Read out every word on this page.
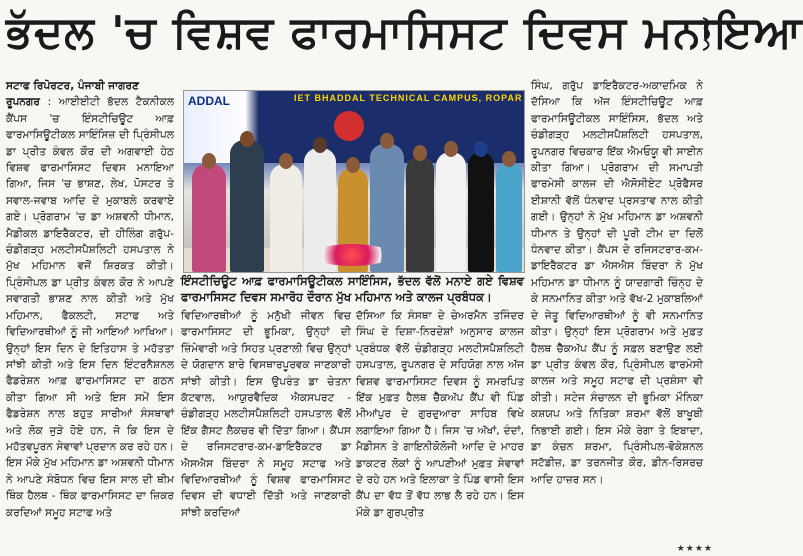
ਭੱਦਲ 'ਚ ਵਿਸ਼ਵ ਫਾਰਮਾਸਿਸਟ ਦਿਵਸ ਮਨਾਇਆ

ਸਟਾਫ ਰਿਪੋਰਟਰ, ਪੰਜਾਬੀ ਜਾਗਰਣ
ਰੂਪਨਗਰ : ਆਈਈਟੀ ਭੱਦਲ ਟੈਕਨੀਕਲ ਕੈਂਪਸ 'ਚ ਇੰਸਟੀਚਿਊਟ ਆਫ਼ ਫਾਰਮਾਸਿਊਟੀਕਲ ਸਾਇੰਸਿਜ਼ ਦੀ ਪ੍ਰਿੰਸੀਪਲ ਡਾ ਪ੍ਰੀਤ ਕੰਵਲ ਕੌਰ ਦੀ ਅਗਵਾਈ ਹੇਠ ਵਿਸ਼ਵ ਫਾਰਮਾਸਿਸਟ ਦਿਵਸ ਮਨਾਇਆ ਗਿਆ, ਜਿਸ 'ਚ ਭਾਸ਼ਣ, ਲੇਖ, ਪੋਸਟਰ ਤੇ ਸਵਾਲ-ਜਵਾਬ ਆਦਿ ਦੇ ਮੁਕਾਬਲੇ ਕਰਵਾਏ ਗਏ। ਪ੍ਰੋਗਰਾਮ 'ਚ ਡਾ ਅਸ਼ਵਨੀ ਧੀਮਾਨ, ਮੈਡੀਕਲ ਡਾਇਰੈਕਟਰ, ਦੀ ਹੀਲਿੰਗ ਗਰੁੱਪ-ਚੰਡੀਗੜ੍ਹ ਮਲਟੀਸਪੈਸ਼ਲਿਟੀ ਹਸਪਤਾਲ ਨੇ ਮੁੱਖ ਮਹਿਮਾਨ ਵਜੋਂ ਸ਼ਿਰਕਤ ਕੀਤੀ। ਪ੍ਰਿੰਸੀਪਲ ਡਾ ਪ੍ਰੀਤ ਕੰਵਲ ਕੌਰ ਨੇ ਆਪਣੇ ਸਵਾਗਤੀ ਭਾਸ਼ਣ ਨਾਲ ਕੀਤੀ ਅਤੇ ਮੁੱਖ ਮਹਿਮਾਨ, ਫੈਕਲਟੀ, ਸਟਾਫ ਅਤੇ ਵਿਦਿਆਰਥੀਆਂ ਨੂੰ ਜੀ ਆਇਆਂ ਆਖਿਆ। ਉਨ੍ਹਾਂ ਇਸ ਦਿਨ ਦੇ ਇਤਿਹਾਸ ਤੇ ਮਹੱਤਤਾ ਸਾਂਝੀ ਕੀਤੀ ਅਤੇ ਇਸ ਦਿਨ ਇੰਟਰਨੈਸ਼ਨਲ ਫੈਡਰੇਸ਼ਨ ਆਫ਼ ਫਾਰਮਾਸਿਸਟ ਦਾ ਗਠਨ ਕੀਤਾ ਗਿਆ ਸੀ ਅਤੇ ਇਸ ਸਮੇਂ ਇਸ ਫੈਡਰੇਸ਼ਨ ਨਾਲ ਬਹੁਤ ਸਾਰੀਆਂ ਸੰਸਥਾਵਾਂ ਅਤੇ ਲੋਕ ਜੁੜੇ ਹੋਏ ਹਨ, ਜੋ ਕਿ ਇਸ ਦੇ ਮਹੱਤਵਪੂਰਨ ਸੇਵਾਵਾਂ ਪ੍ਰਦਾਨ ਕਰ ਰਹੇ ਹਨ। ਇਸ ਮੌਕੇ ਮੁੱਖ ਮਹਿਮਾਨ ਡਾ ਅਸ਼ਵਨੀ ਧੀਮਾਨ ਨੇ ਆਪਣੇ ਸੰਬੋਧਨ ਵਿਚ ਇਸ ਸਾਲ ਦੀ ਥੀਮ ਥਿੰਕ ਹੈਲਥ - ਥਿੰਕ ਫਾਰਮਾਸਿਸਟ ਦਾ ਜ਼ਿਕਰ ਕਰਦਿਆਂ ਸਮੂਹ ਸਟਾਫ ਅਤੇ

ADDAL	IET BHADDAL TECHNICAL CAMPUS, ROPAR
ਇੰਸਟੀਚਿਊਟ ਆਫ਼ ਫਾਰਮਾਸਿਊਟੀਕਲ ਸਾਇੰਸਿਸ, ਭੱਦਲ ਵੱਲੋਂ ਮਨਾਏ ਗਏ ਵਿਸ਼ਵ ਫਾਰਮਾਸਿਸਟ ਦਿਵਸ ਸਮਾਰੋਹ ਦੌਰਾਨ ਮੁੱਖ ਮਹਿਮਾਨ ਅਤੇ ਕਾਲਜ ਪ੍ਰਬੰਧਕ।

ਵਿਦਿਆਰਥੀਆਂ ਨੂੰ ਮਨੁੱਖੀ ਜੀਵਨ ਵਿਚ ਫਾਰਮਾਸਿਸਟ ਦੀ ਭੂਮਿਕਾ, ਉਨ੍ਹਾਂ ਦੀ ਜ਼ਿੰਮੇਵਾਰੀ ਅਤੇ ਸਿਹਤ ਪ੍ਰਣਾਲੀ ਵਿਚ ਉਨ੍ਹਾਂ ਦੇ ਯੋਗਦਾਨ ਬਾਰੇ ਵਿਸਥਾਰਪੂਰਵਕ ਜਾਣਕਾਰੀ ਸਾਂਝੀ ਕੀਤੀ। ਇਸ ਉਪਰੰਤ ਡਾ ਚੇਤਨਾ ਕੱਟਵਾਲ, ਆਯੁਰਵੈਦਿਕ ਐਕਸਪਰਟ - ਚੰਡੀਗੜ੍ਹ ਮਲਟੀਸਪੈਸ਼ਲਿਟੀ ਹਸਪਤਾਲ ਵੱਲੋਂ ਇੱਕ ਗੈਸਟ ਲੈਕਚਰ ਵੀ ਦਿੱਤਾ ਗਿਆ। ਕੈਂਪਸ ਦੇ ਰਜਿਸਟਰਾਰ-ਕਮ-ਡਾਇਰੈਕਟਰ ਡਾ ਐਸਐਸ ਬਿੰਦਰਾ ਨੇ ਸਮੂਹ ਸਟਾਫ ਅਤੇ ਵਿਦਿਆਰਥੀਆਂ ਨੂੰ ਵਿਸ਼ਵ ਫਾਰਮਾਸਿਸਟ ਦਿਵਸ ਦੀ ਵਧਾਈ ਦਿੱਤੀ ਅਤੇ ਜਾਣਕਾਰੀ ਸਾਂਝੀ ਕਰਦਿਆਂ

ਦੱਸਿਆ ਕਿ ਸੰਸਥਾ ਦੇ ਚੇਅਰਮੈਨ ਤਜਿੰਦਰ ਸਿੰਘ ਦੇ ਦਿਸ਼ਾ-ਨਿਰਦੇਸ਼ਾਂ ਅਨੁਸਾਰ ਕਾਲਜ ਪ੍ਰਬੰਧਕ ਵੱਲੋਂ ਚੰਡੀਗੜ੍ਹ ਮਲਟੀਸਪੈਸ਼ਲਿਟੀ ਹਸਪਤਾਲ, ਰੂਪਨਗਰ ਦੇ ਸਹਿਯੋਗ ਨਾਲ ਅੱਜ ਵਿਸ਼ਵ ਫਾਰਮਾਸਿਸਟ ਦਿਵਸ ਨੂੰ ਸਮਰਪਿਤ ਇੱਕ ਮੁਫ਼ਤ ਹੈਲਥ ਚੈੱਕਅੱਪ ਕੈਂਪ ਵੀ ਪਿੰਡ ਮੀਆਂਪੁਰ ਦੇ ਗੁਰਦੁਆਰਾ ਸਾਹਿਬ ਵਿਖੇ ਲਗਾਇਆ ਗਿਆ ਹੈ। ਜਿਸ 'ਚ ਅੱਖਾਂ, ਦੰਦਾਂ, ਮੈਡੀਸਨ ਤੇ ਗਾਇਨੀਕੋਲੋਜੀ ਆਦਿ ਦੇ ਮਾਹਰ ਡਾਕਟਰ ਲੋਕਾਂ ਨੂੰ ਆਪਣੀਆਂ ਮੁਫ਼ਤ ਸੇਵਾਵਾਂ ਦੇ ਰਹੇ ਹਨ ਅਤੇ ਇਲਾਕਾ ਤੇ ਪਿੰਡ ਵਾਸੀ ਇਸ ਕੈਂਪ ਦਾ ਵੱਧ ਤੋਂ ਵੱਧ ਲਾਭ ਲੈ ਰਹੇ ਹਨ। ਇਸ ਮੌਕੇ ਡਾ ਗੁਰਪ੍ਰੀਤ

ਸਿੰਘ, ਗਰੁੱਪ ਡਾਇਰੈਕਟਰ-ਅਕਾਦਮਿਕ ਨੇ ਦੱਸਿਆ ਕਿ ਅੱਜ ਇੰਸਟੀਚਿਊਟ ਆਫ਼ ਫਾਰਮਾਸਿਊਟੀਕਲ ਸਾਇੰਸਿਸ, ਭੱਦਲ ਅਤੇ ਚੰਡੀਗੜ੍ਹ ਮਲਟੀਸਪੈਸ਼ਲਿਟੀ ਹਸਪਤਾਲ, ਰੂਪਨਗਰ ਵਿਚਕਾਰ ਇੱਕ ਐਮਓਯੂ ਵੀ ਸਾਈਨ ਕੀਤਾ ਗਿਆ। ਪ੍ਰੋਗਰਾਮ ਦੀ ਸਮਾਪਤੀ ਫਾਰਮੇਸੀ ਕਾਲਜ ਦੀ ਐਸੋਸੀਏਟ ਪ੍ਰੋਫੈਸਰ ਈਸ਼ਾਨੀ ਵੱਲੋਂ ਧੰਨਵਾਦ ਪ੍ਰਸਤਾਵ ਨਾਲ ਕੀਤੀ ਗਈ। ਉਨ੍ਹਾਂ ਨੇ ਮੁੱਖ ਮਹਿਮਾਨ ਡਾ ਅਸ਼ਵਨੀ ਧੀਮਾਨ ਤੇ ਉਨ੍ਹਾਂ ਦੀ ਪੂਰੀ ਟੀਮ ਦਾ ਦਿਲੋਂ ਧੰਨਵਾਦ ਕੀਤਾ। ਕੈਂਪਸ ਦੇ ਰਜਿਸਟਰਾਰ-ਕਮ-ਡਾਇਰੈਕਟਰ ਡਾ ਐਸਐਸ ਬਿੰਦਰਾ ਨੇ ਮੁੱਖ ਮਹਿਮਾਨ ਡਾ ਧੀਮਾਨ ਨੂੰ ਯਾਦਗਾਰੀ ਚਿੰਨ੍ਹ ਦੇ ਕੇ ਸਨਮਾਨਿਤ ਕੀਤਾ ਅਤੇ ਵੱਖ-2 ਮੁਕਾਬਲਿਆਂ ਦੇ ਜੇਤੂ ਵਿਦਿਆਰਥੀਆਂ ਨੂੰ ਵੀ ਸਨਮਾਨਿਤ ਕੀਤਾ। ਉਨ੍ਹਾਂ ਇਸ ਪ੍ਰੋਗਰਾਮ ਅਤੇ ਮੁਫ਼ਤ ਹੈਲਥ ਚੈੱਕਅੱਪ ਕੈਂਪ ਨੂੰ ਸਫ਼ਲ ਬਣਾਉਣ ਲਈ ਡਾ ਪ੍ਰੀਤ ਕੰਵਲ ਕੌਰ, ਪ੍ਰਿੰਸੀਪਲ ਫਾਰਮੇਸੀ ਕਾਲਜ ਅਤੇ ਸਮੂਹ ਸਟਾਫ ਦੀ ਪ੍ਰਸ਼ੰਸਾ ਵੀ ਕੀਤੀ। ਸਟੇਜ ਸੰਚਾਲਨ ਦੀ ਭੂਮਿਕਾ ਮੌਨਿਕਾ ਕਸ਼ਯਪ ਅਤੇ ਨਿਤਿਕਾ ਸ਼ਰਮਾ ਵੱਲੋਂ ਬਾਖੂਬੀ ਨਿਭਾਈ ਗਈ। ਇਸ ਮੌਕੇ ਰੇਗਾ ਤੇ ਇਬਾਦਾ, ਡਾ ਕੰਚਨ ਸ਼ਰਮਾ, ਪ੍ਰਿੰਸੀਪਲ-ਵੋਕੇਸ਼ਨਲ ਸਟੱਡੀਜ਼, ਡਾ ਤਰਨਜੀਤ ਕੌਰ, ਡੀਨ-ਰਿਸਰਚ ਆਦਿ ਹਾਜ਼ਰ ਸਨ।

★★★★
